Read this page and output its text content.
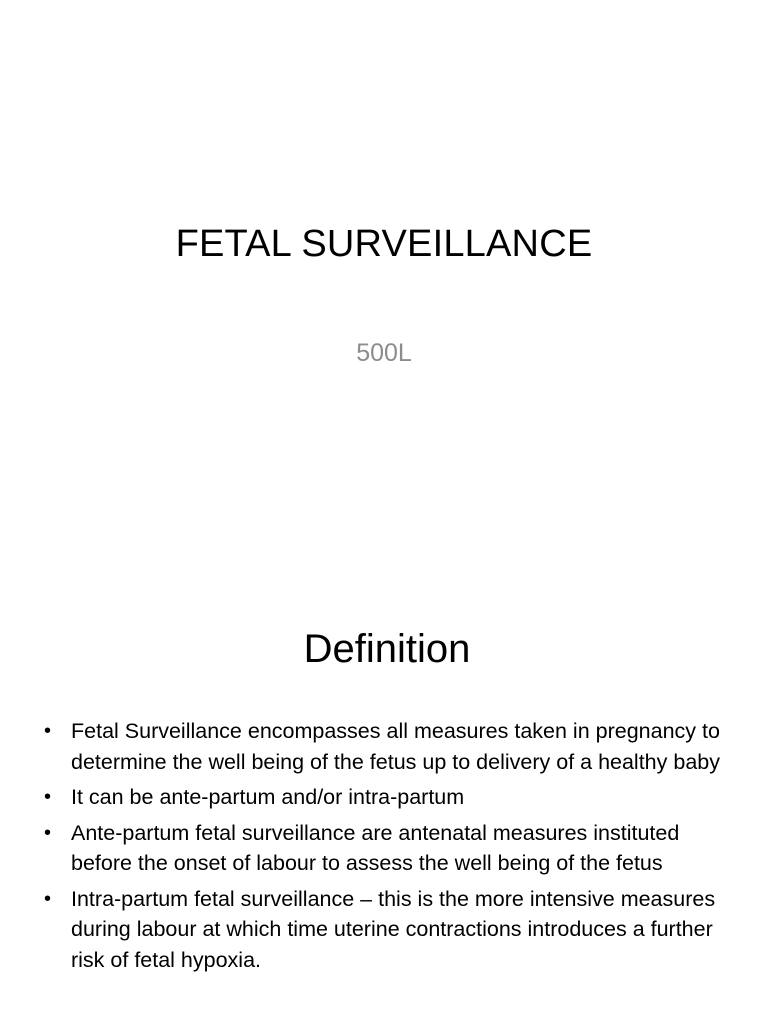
FETAL SURVEILLANCE
500L
Definition
• Fetal Surveillance encompasses all measures taken in pregnancy to determine the well being of the fetus up to delivery of a healthy baby
• It can be ante-partum and/or intra-partum
• Ante-partum fetal surveillance are antenatal measures instituted before the onset of labour to assess the well being of the fetus
• Intra-partum fetal surveillance – this is the more intensive measures during labour at which time uterine contractions introduces a further risk of fetal hypoxia.
